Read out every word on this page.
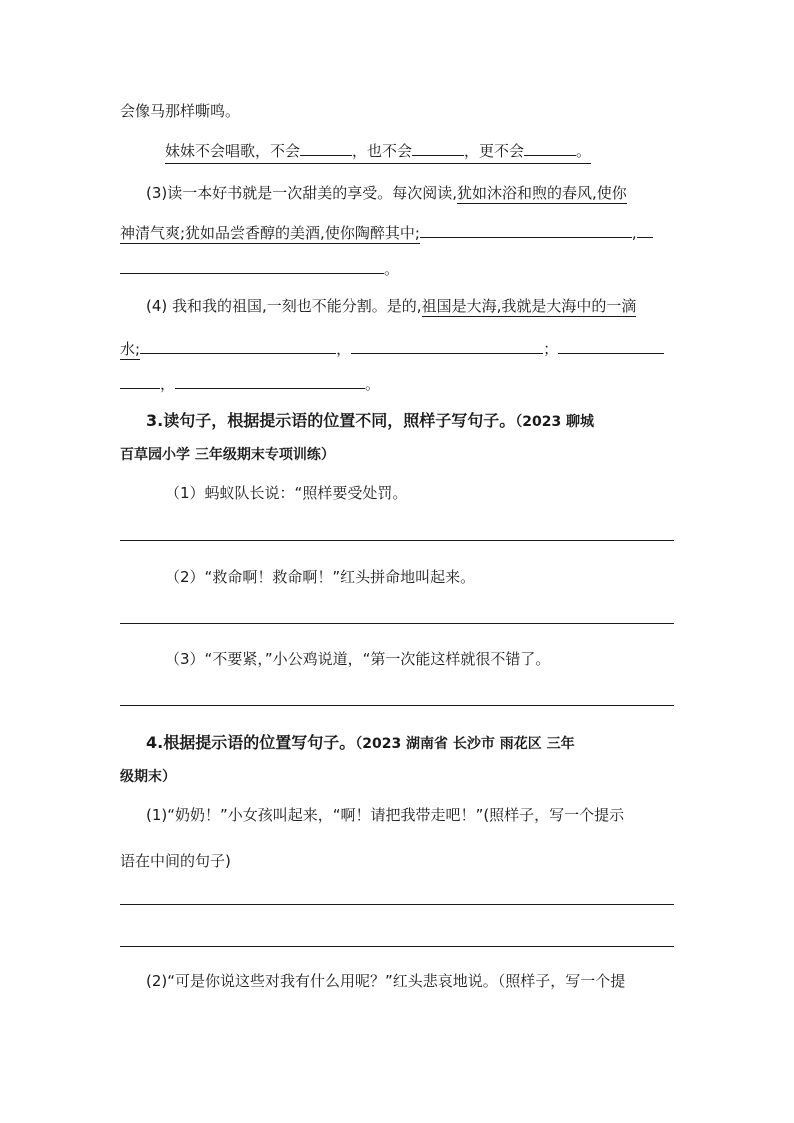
会像马那样嘶鸣。
妹妹不会唱歌，不会	，也不会	，更不会	。
(3)读一本好书就是一次甜美的享受。每次阅读,犹如沐浴和煦的春风,使你
神清气爽;犹如品尝香醇的美酒,使你陶醉其中;	,
。
(4) 我和我的祖国,一刻也不能分割。是的,祖国是大海,我就是大海中的一滴
水;	，	；
，	。
3.读句子，根据提示语的位置不同，照样子写句子。（2023 聊城
百草园小学 三年级期末专项训练）
（1）蚂蚁队长说：“照样要受处罚。
（2）“救命啊！救命啊！”红头拼命地叫起来。
（3）“不要紧，”小公鸡说道，“第一次能这样就很不错了。
4.根据提示语的位置写句子。（2023 湖南省 长沙市 雨花区 三年
级期末）
(1)“奶奶！”小女孩叫起来，“啊！请把我带走吧！”(照样子，写一个提示
语在中间的句子)
(2)“可是你说这些对我有什么用呢？”红头悲哀地说。（照样子，写一个提
